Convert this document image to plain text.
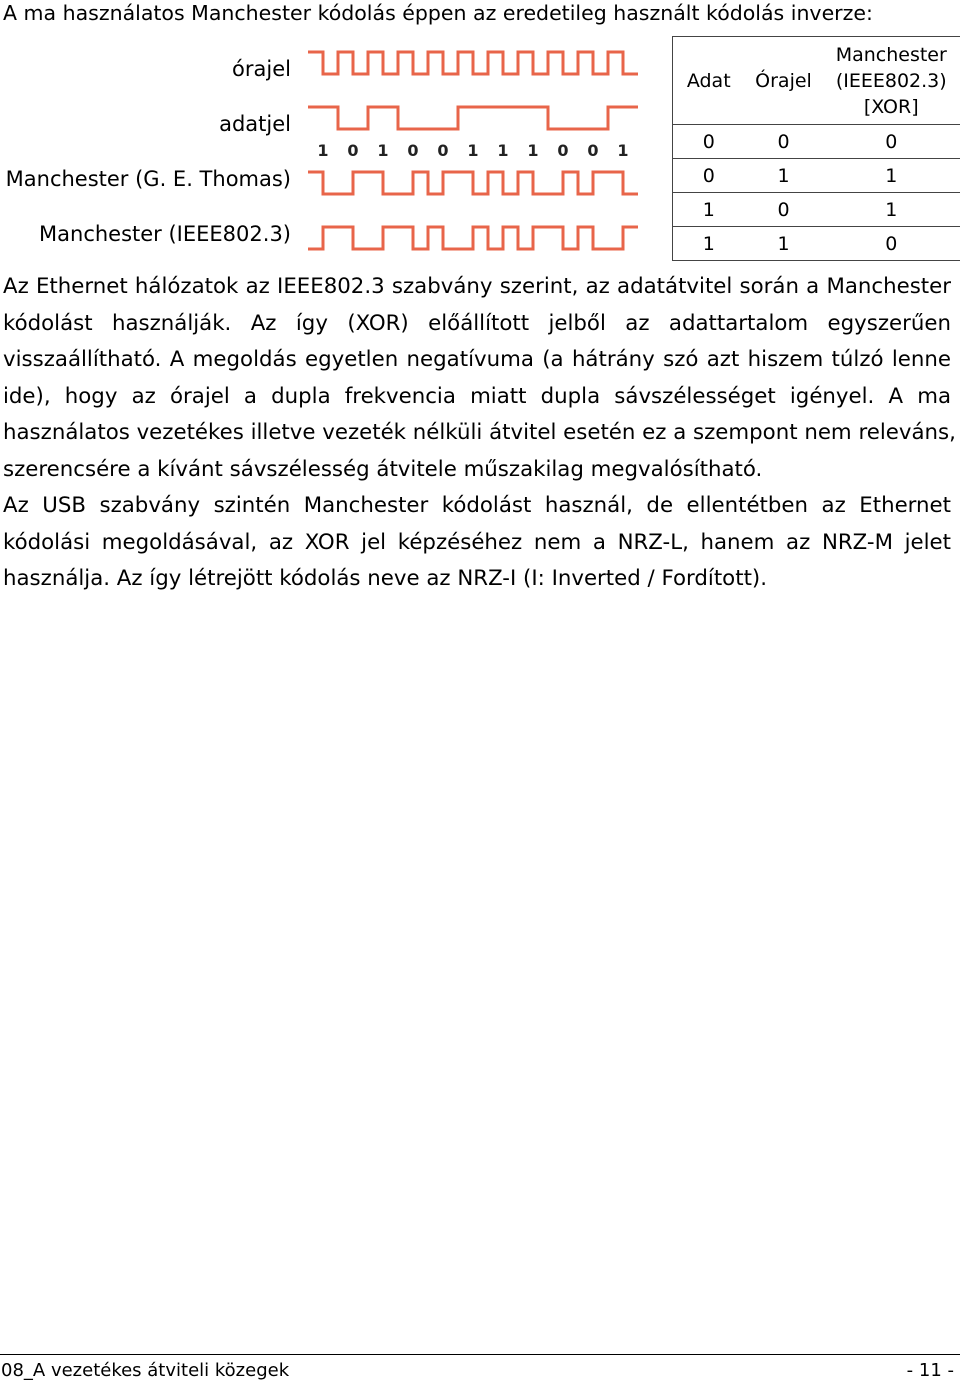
A ma használatos Manchester kódolás éppen az eredetileg használt kódolás inverze:
órajel
adatjel
Manchester (G. E. Thomas)
Manchester (IEEE802.3)
1 0 1 0 0 1 1 1 0 0 1
Adat	Órajel	Manchester
(IEEE802.3)
[XOR]

0	0	0
0	1	1
1	0	1
1	1	0
Az Ethernet hálózatok az IEEE802.3 szabvány szerint, az adatátvitel során a Manchester
kódolást használják. Az így (XOR) előállított jelből az adattartalom egyszerűen
visszaállítható. A megoldás egyetlen negatívuma (a hátrány szó azt hiszem túlzó lenne
ide), hogy az órajel a dupla frekvencia miatt dupla sávszélességet igényel. A ma
használatos vezetékes illetve vezeték nélküli átvitel esetén ez a szempont nem releváns,
szerencsére a kívánt sávszélesség átvitele műszakilag megvalósítható.
Az USB szabvány szintén Manchester kódolást használ, de ellentétben az Ethernet
kódolási megoldásával, az XOR jel képzéséhez nem a NRZ-L, hanem az NRZ-M jelet
használja. Az így létrejött kódolás neve az NRZ-I (I: Inverted / Fordított).
08_A vezetékes átviteli közegek	- 11 -
